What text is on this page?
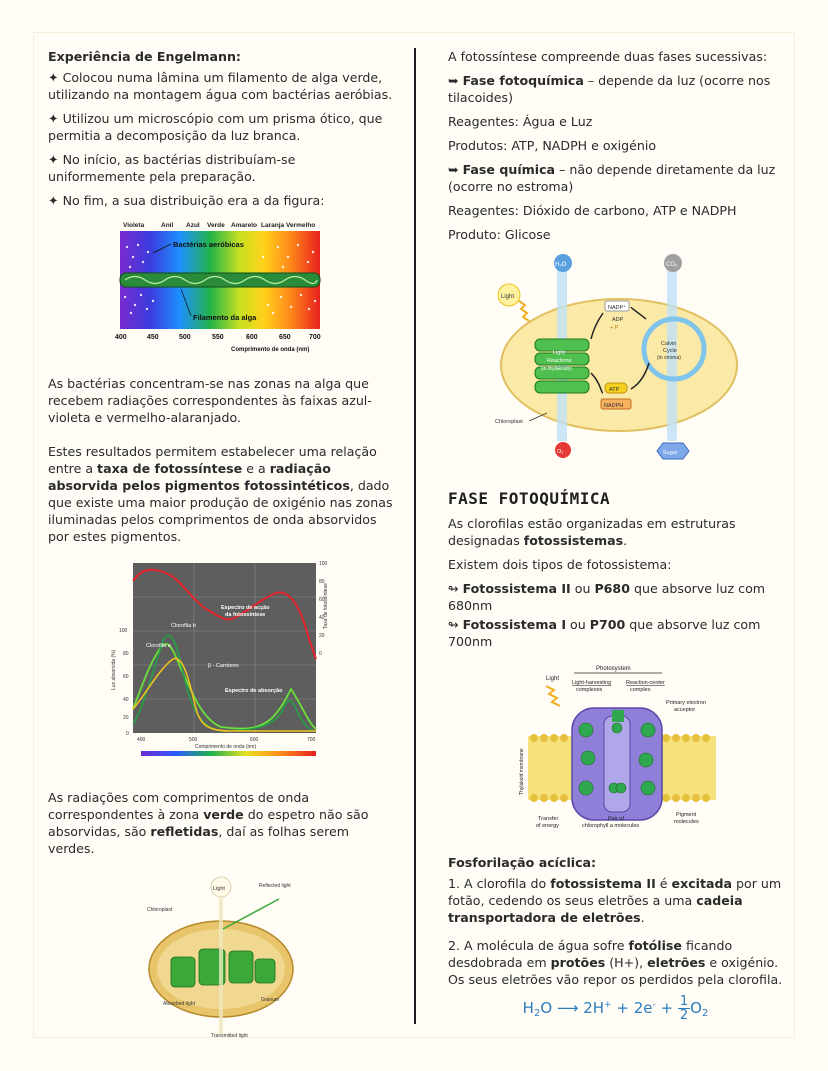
Experiência de Engelmann:

✦ Colocou numa lâmina um filamento de alga verde, utilizando na montagem água com bactérias aeróbias.

✦ Utilizou um microscópio com um prisma ótico, que permitia a decomposição da luz branca.

✦ No início, as bactérias distribuíam-se uniformemente pela preparação.

✦ No fim, a sua distribuição era a da figura:

Violeta	Anil Azul Verde Amarelo Laranja Vermelho
Bactérias aeróbicas
Filamento da alga
400	450	500	550	600	650	700
Comprimento de onda (nm)

As bactérias concentram-se nas zonas na alga que recebem radiações correspondentes às faixas azul-violeta e vermelho-alaranjado.

Estes resultados permitem estabelecer uma relação entre a taxa de fotossíntese e a radiação absorvida pelos pigmentos fotossintéticos, dado que existe uma maior produção de oxigénio nas zonas iluminadas pelos comprimentos de onda absorvidos por estes pigmentos.

Espectro de acção
da fotossíntese
Espectro de absorção
Clorofila b
Clorofila a
β - Caroteno
100
80
60
40
20
0
100
80
60
40
20
0
Luz absorvida (%)
Taxa de fotossíntese
400	500	600	700
Comprimento de onda (nm)

As radiações com comprimentos de onda correspondentes à zona verde do espetro não são absorvidas, são refletidas, daí as folhas serem verdes.

Light	Reflected light
Chloroplast
Absorbed light
Granum
Transmitted light

A fotossíntese compreende duas fases sucessivas:

➥ Fase fotoquímica – depende da luz (ocorre nos tilacoides)

Reagentes: Água e Luz

Produtos: ATP, NADPH e oxigénio

➥ Fase química – não depende diretamente da luz (ocorre no estroma)

Reagentes: Dióxido de carbono, ATP e NADPH

Produto: Glicose

H₂O	CO₂
Light
Light
Reactions
(in thylakoids)
Calvin
Cycle
(in stroma)
NADP⁺
ADP
+ P
ATP
NADPH
Chloroplast
O₂	Sugar
FASE FOTOQUÍMICA

As clorofilas estão organizadas em estruturas designadas fotossistemas.

Existem dois tipos de fotossistema:

↬ Fotossistema II ou P680 que absorve luz com 680nm

↬ Fotossistema I ou P700 que absorve luz com 700nm

Photosystem
Light
Light-harvesting
complexes
Reaction-center
complex
Primary electron
acceptor
Thylakoid membrane
Transfer
of energy
Pair of
chlorophyll a molecules
Pigment
molecules

Fosforilação acíclica:

1. A clorofila do fotossistema II é excitada por um fotão, cedendo os seus eletrões a uma cadeia transportadora de eletrões.

2. A molécula de água sofre fotólise ficando desdobrada em protões (H+), eletrões e oxigénio. Os seus eletrões vão repor os perdidos pela clorofila.

$H_2O$ ⟶ $2H^+ + 2e^- + \frac{1}{2} O_2$
